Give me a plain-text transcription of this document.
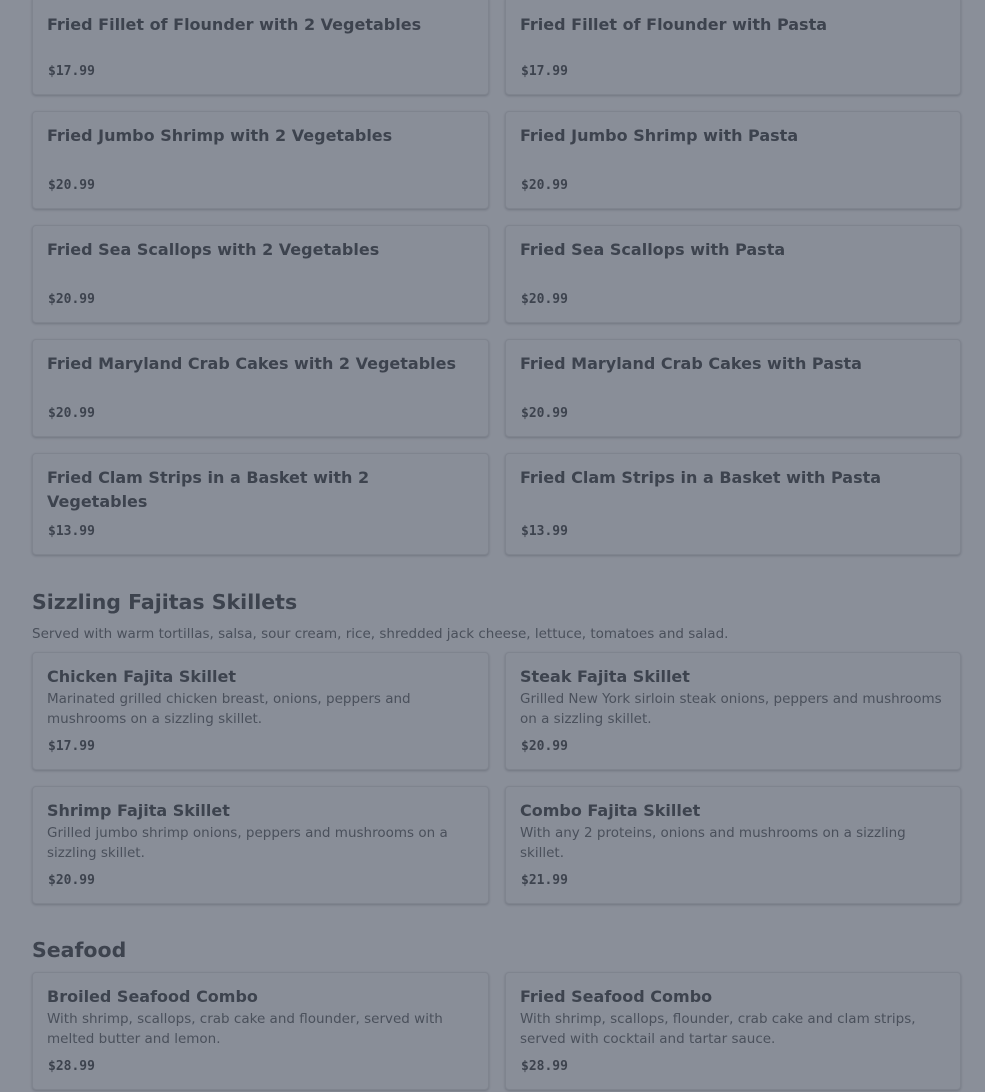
Fried Fillet of Flounder with 2 Vegetables

$17.99

Fried Fillet of Flounder with Pasta

$17.99

Fried Jumbo Shrimp with 2 Vegetables

$20.99

Fried Jumbo Shrimp with Pasta

$20.99

Fried Sea Scallops with 2 Vegetables

$20.99

Fried Sea Scallops with Pasta

$20.99

Fried Maryland Crab Cakes with 2 Vegetables

$20.99

Fried Maryland Crab Cakes with Pasta

$20.99

Fried Clam Strips in a Basket with 2 Vegetables

$13.99

Fried Clam Strips in a Basket with Pasta

$13.99
Sizzling Fajitas Skillets

Served with warm tortillas, salsa, sour cream, rice, shredded jack cheese, lettuce, tomatoes and salad.

Chicken Fajita Skillet

Marinated grilled chicken breast, onions, peppers and mushrooms on a sizzling skillet.

$17.99

Steak Fajita Skillet

Grilled New York sirloin steak onions, peppers and mushrooms on a sizzling skillet.

$20.99

Shrimp Fajita Skillet

Grilled jumbo shrimp onions, peppers and mushrooms on a sizzling skillet.

$20.99

Combo Fajita Skillet

With any 2 proteins, onions and mushrooms on a sizzling skillet.

$21.99
Seafood

Broiled Seafood Combo

With shrimp, scallops, crab cake and flounder, served with melted butter and lemon.

$28.99

Fried Seafood Combo

With shrimp, scallops, flounder, crab cake and clam strips, served with cocktail and tartar sauce.

$28.99
